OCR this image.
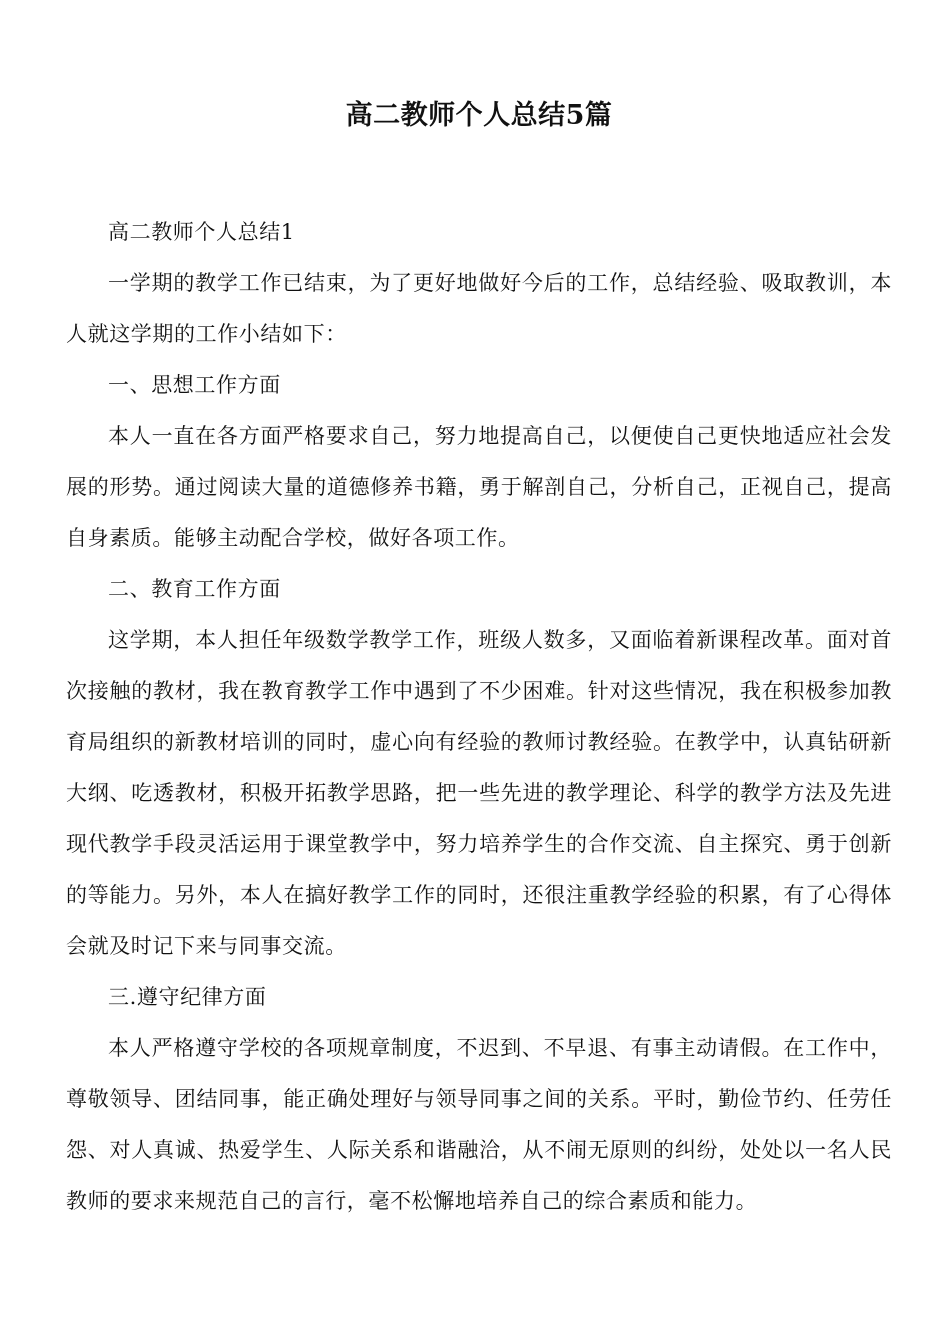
高二教师个人总结5篇

高二教师个人总结1

一学期的教学工作已结束，为了更好地做好今后的工作，总结经验、吸取教训，本人就这学期的工作小结如下：

一、思想工作方面

本人一直在各方面严格要求自己，努力地提高自己，以便使自己更快地适应社会发展的形势。通过阅读大量的道德修养书籍，勇于解剖自己，分析自己，正视自己，提高自身素质。能够主动配合学校，做好各项工作。

二、教育工作方面

这学期，本人担任年级数学教学工作，班级人数多，又面临着新课程改革。面对首次接触的教材，我在教育教学工作中遇到了不少困难。针对这些情况，我在积极参加教育局组织的新教材培训的同时，虚心向有经验的教师讨教经验。在教学中，认真钻研新大纲、吃透教材，积极开拓教学思路，把一些先进的教学理论、科学的教学方法及先进现代教学手段灵活运用于课堂教学中，努力培养学生的合作交流、自主探究、勇于创新的等能力。另外，本人在搞好教学工作的同时，还很注重教学经验的积累，有了心得体会就及时记下来与同事交流。

三.遵守纪律方面

本人严格遵守学校的各项规章制度，不迟到、不早退、有事主动请假。在工作中，尊敬领导、团结同事，能正确处理好与领导同事之间的关系。平时，勤俭节约、任劳任怨、对人真诚、热爱学生、人际关系和谐融洽，从不闹无原则的纠纷，处处以一名人民教师的要求来规范自己的言行，毫不松懈地培养自己的综合素质和能力。
